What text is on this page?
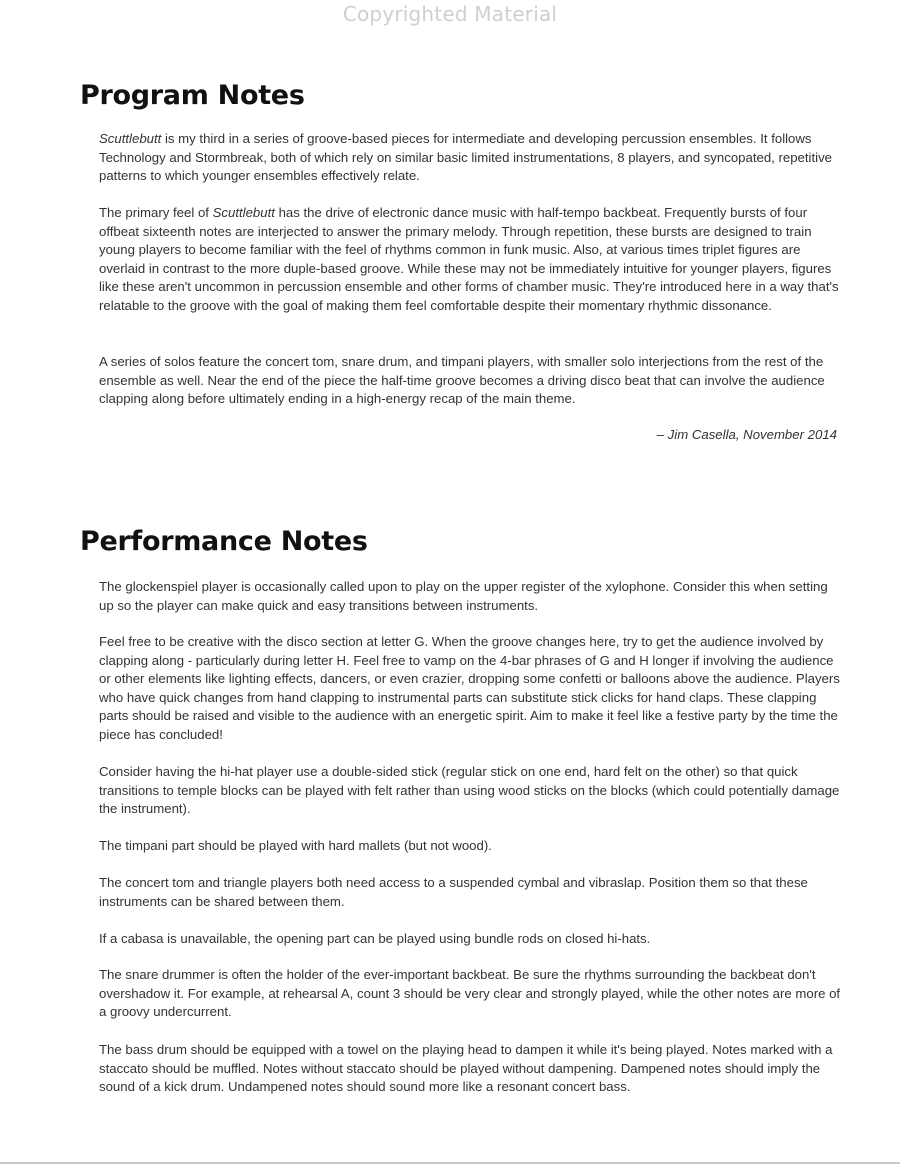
Copyrighted Material
Program Notes

Scuttlebutt is my third in a series of groove-based pieces for intermediate and developing percussion ensembles. It follows Technology and Stormbreak, both of which rely on similar basic limited instrumentations, 8 players, and syncopated, repetitive patterns to which younger ensembles effectively relate.

The primary feel of Scuttlebutt has the drive of electronic dance music with half-tempo backbeat. Frequently bursts of four offbeat sixteenth notes are interjected to answer the primary melody. Through repetition, these bursts are designed to train young players to become familiar with the feel of rhythms common in funk music. Also, at various times triplet figures are overlaid in contrast to the more duple-based groove. While these may not be immediately intuitive for younger players, figures like these aren't uncommon in percussion ensemble and other forms of chamber music. They're introduced here in a way that's relatable to the groove with the goal of making them feel comfortable despite their momentary rhythmic dissonance.

A series of solos feature the concert tom, snare drum, and timpani players, with smaller solo interjections from the rest of the ensemble as well. Near the end of the piece the half-time groove becomes a driving disco beat that can involve the audience clapping along before ultimately ending in a high-energy recap of the main theme.

– Jim Casella, November 2014

Performance Notes

The glockenspiel player is occasionally called upon to play on the upper register of the xylophone. Consider this when setting up so the player can make quick and easy transitions between instruments.

Feel free to be creative with the disco section at letter G. When the groove changes here, try to get the audience involved by clapping along - particularly during letter H. Feel free to vamp on the 4-bar phrases of G and H longer if involving the audience or other elements like lighting effects, dancers, or even crazier, dropping some confetti or balloons above the audience. Players who have quick changes from hand clapping to instrumental parts can substitute stick clicks for hand claps. These clapping parts should be raised and visible to the audience with an energetic spirit. Aim to make it feel like a festive party by the time the piece has concluded!

Consider having the hi-hat player use a double-sided stick (regular stick on one end, hard felt on the other) so that quick transitions to temple blocks can be played with felt rather than using wood sticks on the blocks (which could potentially damage the instrument).

The timpani part should be played with hard mallets (but not wood).

The concert tom and triangle players both need access to a suspended cymbal and vibraslap. Position them so that these instruments can be shared between them.

If a cabasa is unavailable, the opening part can be played using bundle rods on closed hi-hats.

The snare drummer is often the holder of the ever-important backbeat. Be sure the rhythms surrounding the backbeat don't overshadow it. For example, at rehearsal A, count 3 should be very clear and strongly played, while the other notes are more of a groovy undercurrent.

The bass drum should be equipped with a towel on the playing head to dampen it while it's being played. Notes marked with a staccato should be muffled. Notes without staccato should be played without dampening. Dampened notes should imply the sound of a kick drum. Undampened notes should sound more like a resonant concert bass.
